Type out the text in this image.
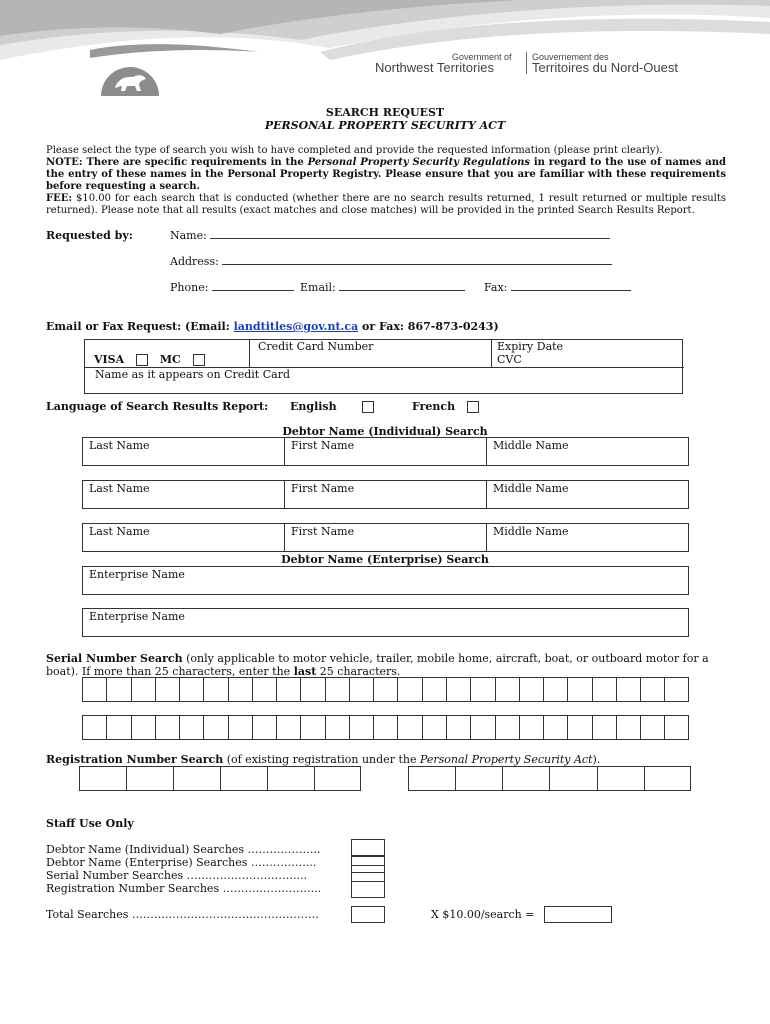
Government of
Northwest Territories
Gouvernement des
Territoires du Nord-Ouest
SEARCH REQUEST
PERSONAL PROPERTY SECURITY ACT
Please select the type of search you wish to have completed and provide the requested information (please print clearly).
NOTE: There are specific requirements in the Personal Property Security Regulations in regard to the use of names and the entry of these names in the Personal Property Registry. Please ensure that you are familiar with these requirements before requesting a search.
FEE: $10.00 for each search that is conducted (whether there are no search results returned, 1 result returned or multiple results returned). Please note that all results (exact matches and close matches) will be provided in the printed Search Results Report.
Requested by:	Name:
Address:
Phone:	Email:	Fax:
Email or Fax Request: (Email: landtitles@gov.nt.ca or Fax: 867-873-0243)
VISA	MC
Credit Card Number	Expiry Date
CVC
Name as it appears on Credit Card
Language of Search Results Report: English	French
Debtor Name (Individual) Search
Last Name	First Name	Middle Name
Last Name	First Name	Middle Name
Last Name	First Name	Middle Name
Debtor Name (Enterprise) Search
Enterprise Name
Enterprise Name
Serial Number Search (only applicable to motor vehicle, trailer, mobile home, aircraft, boat, or outboard motor for a boat). If more than 25 characters, enter the last 25 characters.
Registration Number Search (of existing registration under the Personal Property Security Act).
Staff Use Only
Debtor Name (Individual) Searches ………………..
Debtor Name (Enterprise) Searches ……………...
Serial Number Searches …………………………...
Registration Number Searches ……………………...
Total Searches ……………………………………………	X $10.00/search =
